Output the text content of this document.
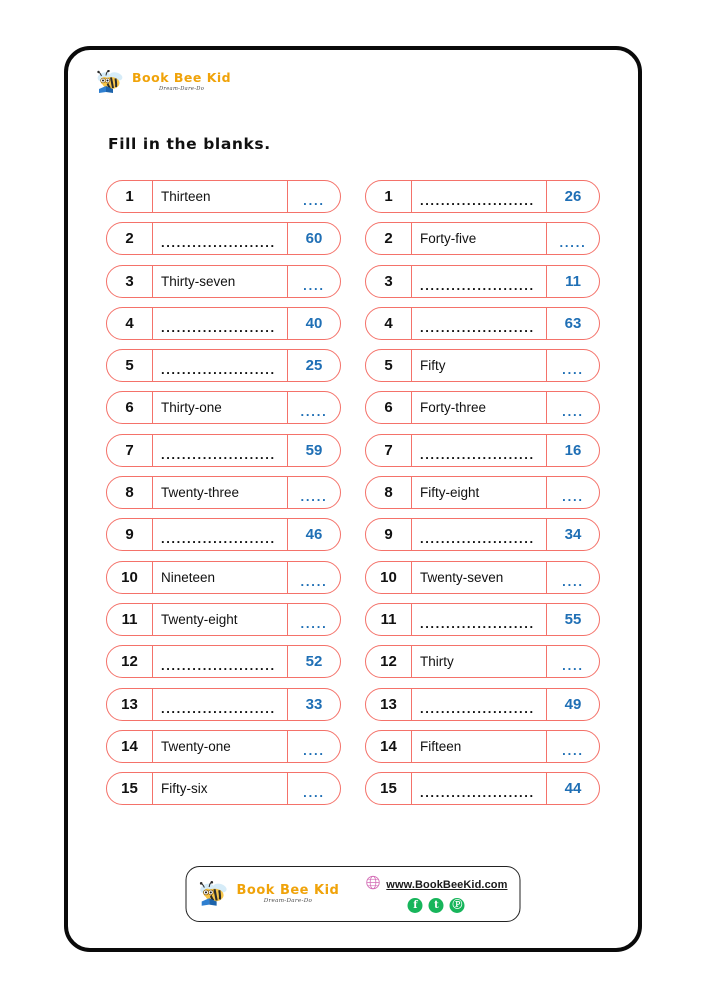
Book Bee Kid
Dream-Dare-Do
Fill in the blanks.
1	Thirteen	....
2	......................	60
3	Thirty-seven	....
4	......................	40
5	......................	25
6	Thirty-one	.....
7	......................	59
8	Twenty-three	.....
9	......................	46
10	Nineteen	.....
11	Twenty-eight	.....
12	......................	52
13	......................	33
14	Twenty-one	....
15	Fifty-six	....
1	......................	26
2	Forty-five	.....
3	......................	11
4	......................	63
5	Fifty	....
6	Forty-three	....
7	......................	16
8	Fifty-eight	....
9	......................	34
10	Twenty-seven	....
11	......................	55
12	Thirty	....
13	......................	49
14	Fifteen	....
15	......................	44
Book Bee Kid
Dream-Dare-Do
www.BookBeeKid.com
f	t	Ⓟ
